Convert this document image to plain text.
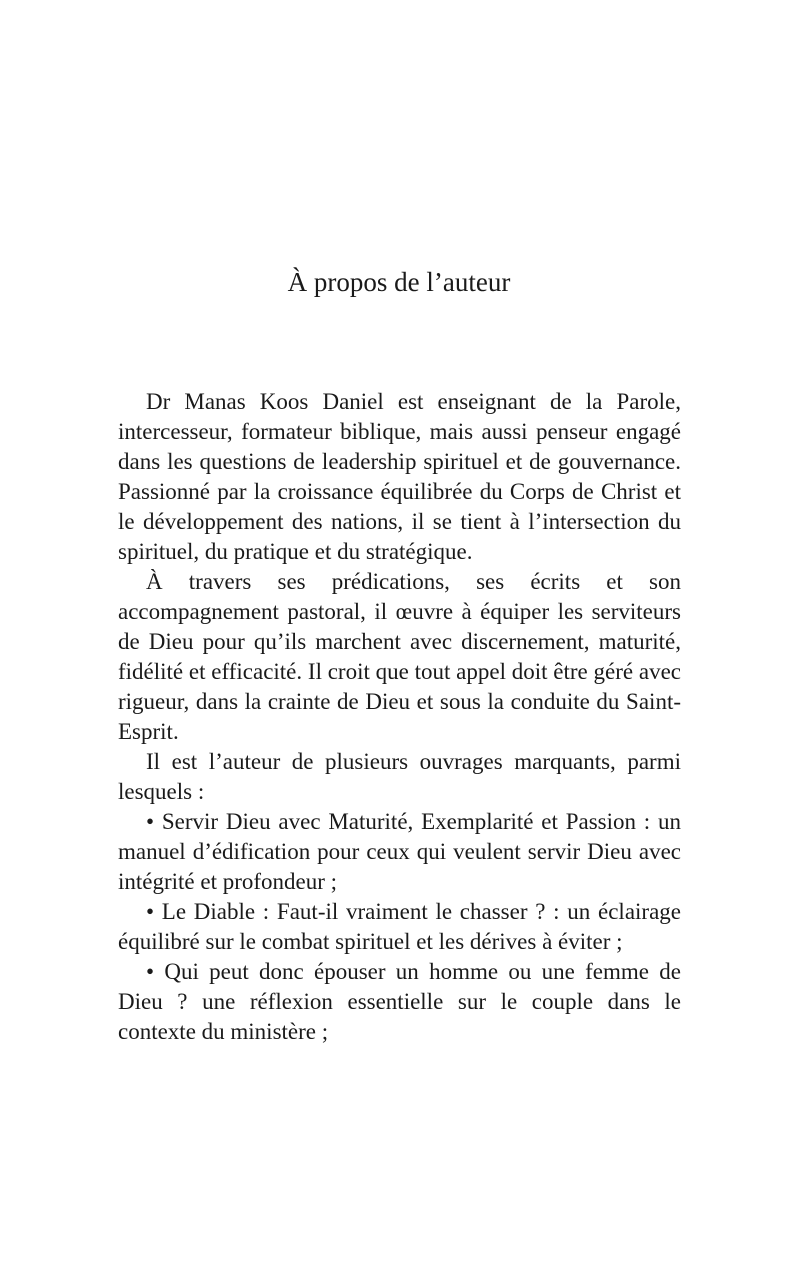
À propos de l’auteur

Dr Manas Koos Daniel est enseignant de la Parole, intercesseur, formateur biblique, mais aussi penseur engagé dans les questions de leadership spirituel et de gouvernance. Passionné par la croissance équilibrée du Corps de Christ et le développement des nations, il se tient à l’intersection du spirituel, du pratique et du stratégique.

À travers ses prédications, ses écrits et son accompagnement pastoral, il œuvre à équiper les serviteurs de Dieu pour qu’ils marchent avec discernement, maturité, fidélité et efficacité. Il croit que tout appel doit être géré avec rigueur, dans la crainte de Dieu et sous la conduite du Saint-Esprit.

Il est l’auteur de plusieurs ouvrages marquants, parmi lesquels :

• Servir Dieu avec Maturité, Exemplarité et Passion : un manuel d’édification pour ceux qui veulent servir Dieu avec intégrité et profondeur ;

• Le Diable : Faut-il vraiment le chasser ? : un éclairage équilibré sur le combat spirituel et les dérives à éviter ;

• Qui peut donc épouser un homme ou une femme de Dieu ? une réflexion essentielle sur le couple dans le contexte du ministère ;
